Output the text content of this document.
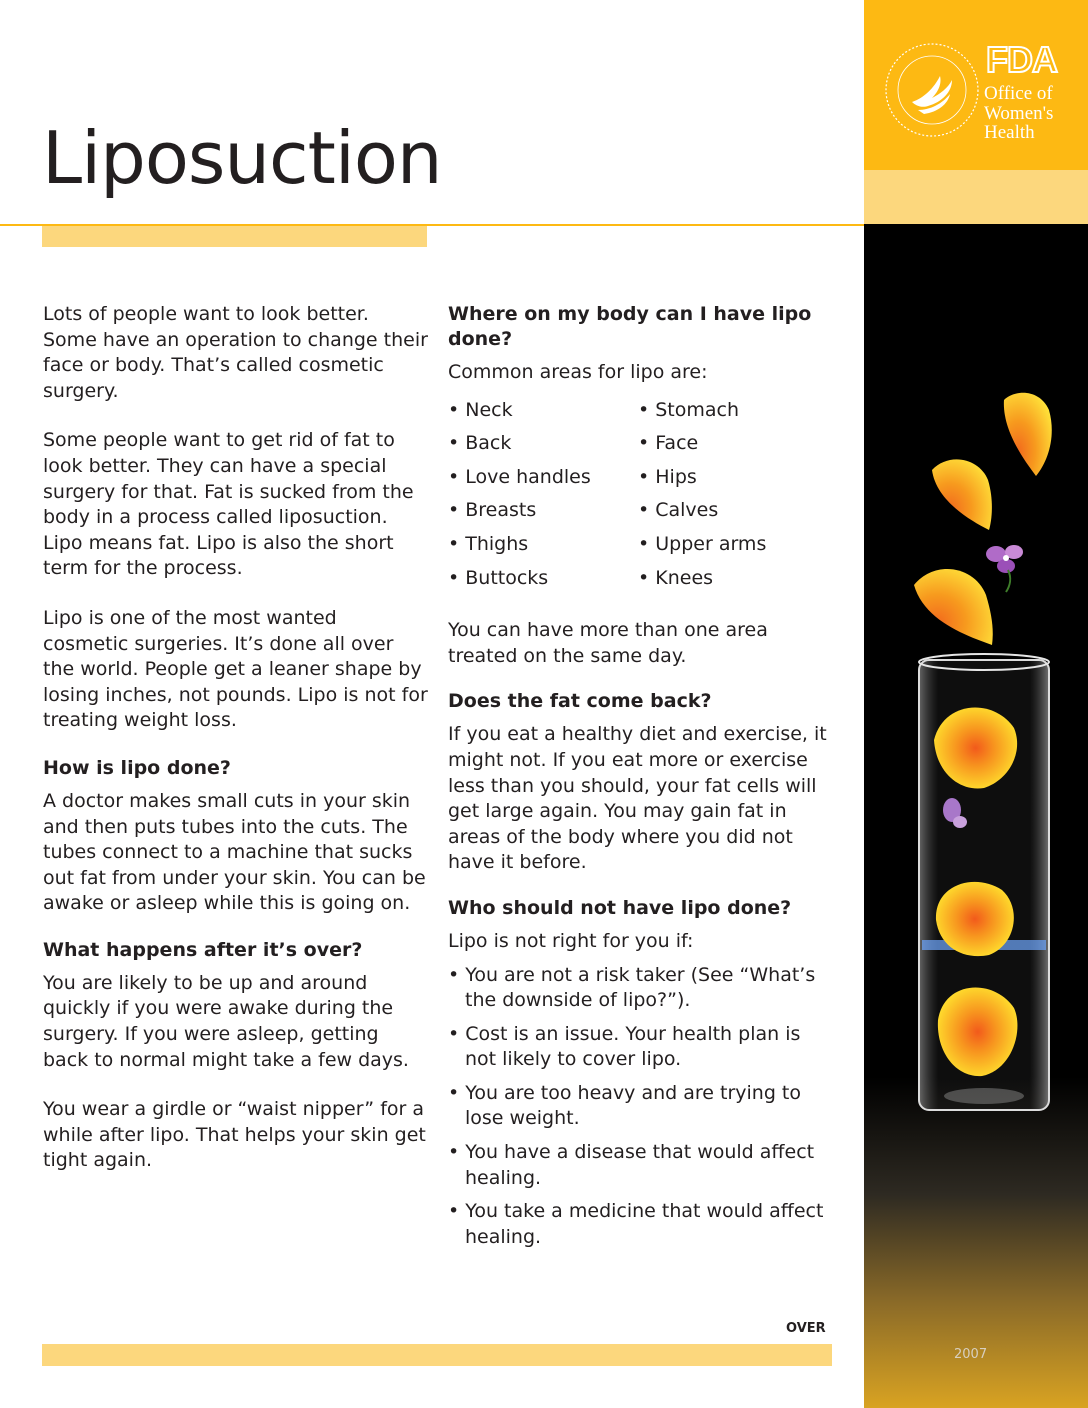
Liposuction

Lots of people want to look better. Some have an operation to change their face or body. That’s called cosmetic surgery.

Some people want to get rid of fat to look better. They can have a special surgery for that. Fat is sucked from the body in a process called liposuction. Lipo means fat. Lipo is also the short term for the process.

Lipo is one of the most wanted cosmetic surgeries. It’s done all over the world. People get a leaner shape by losing inches, not pounds. Lipo is not for treating weight loss.

How is lipo done?

A doctor makes small cuts in your skin and then puts tubes into the cuts. The tubes connect to a machine that sucks out fat from under your skin. You can be awake or asleep while this is going on.

What happens after it’s over?

You are likely to be up and around quickly if you were awake during the surgery. If you were asleep, getting back to normal might take a few days.

You wear a girdle or “waist nipper” for a while after lipo. That helps your skin get tight again.

Where on my body can I have lipo done?
Common areas for lipo are:
• Neck
• Back
• Love handles
• Breasts
• Thighs
• Buttocks
• Stomach
• Face
• Hips
• Calves
• Upper arms
• Knees

You can have more than one area treated on the same day.

Does the fat come back?

If you eat a healthy diet and exercise, it might not. If you eat more or exercise less than you should, your fat cells will get large again. You may gain fat in areas of the body where you did not have it before.

Who should not have lipo done?
Lipo is not right for you if:
• You are not a risk taker (See “What’s the downside of lipo?”).
• Cost is an issue. Your health plan is not likely to cover lipo.
• You are too heavy and are trying to lose weight.
• You have a disease that would affect healing.
• You take a medicine that would affect healing.
OVER
FDA
Office of
Women's
Health
2007
